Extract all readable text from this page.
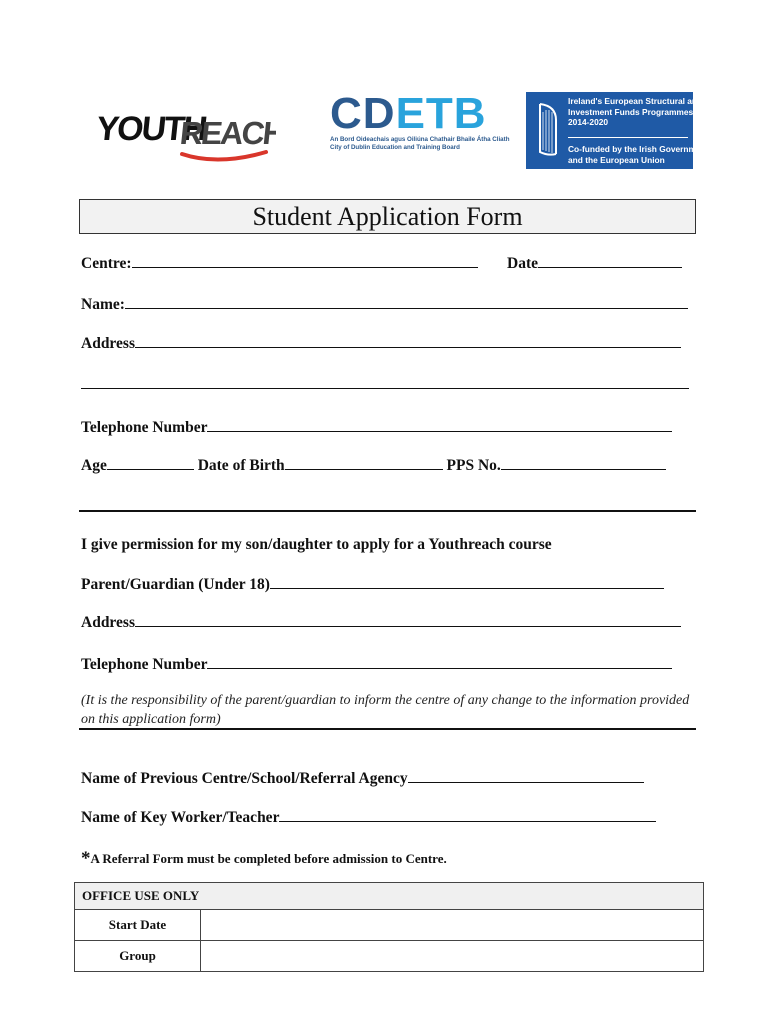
YOUTH
REACH CDETB
An Bord Oideachais agus Oiliúna Chathair Bhaile Átha Cliath
City of Dublin Education and Training Board
Ireland's European Structural and
Investment Funds Programmes
2014-2020
Co-funded by the Irish Government
and the European Union
Student Application Form
Centre:	Date
Name:
Address
Telephone Number
Age	Date of Birth	PPS No.
I give permission for my son/daughter to apply for a Youthreach course
Parent/Guardian (Under 18)
Address
Telephone Number
(It is the responsibility of the parent/guardian to inform the centre of any change to the information provided on this application form)
Name of Previous Centre/School/Referral Agency
Name of Key Worker/Teacher
*A Referral Form must be completed before admission to Centre.
OFFICE USE ONLY
Start Date
Group
